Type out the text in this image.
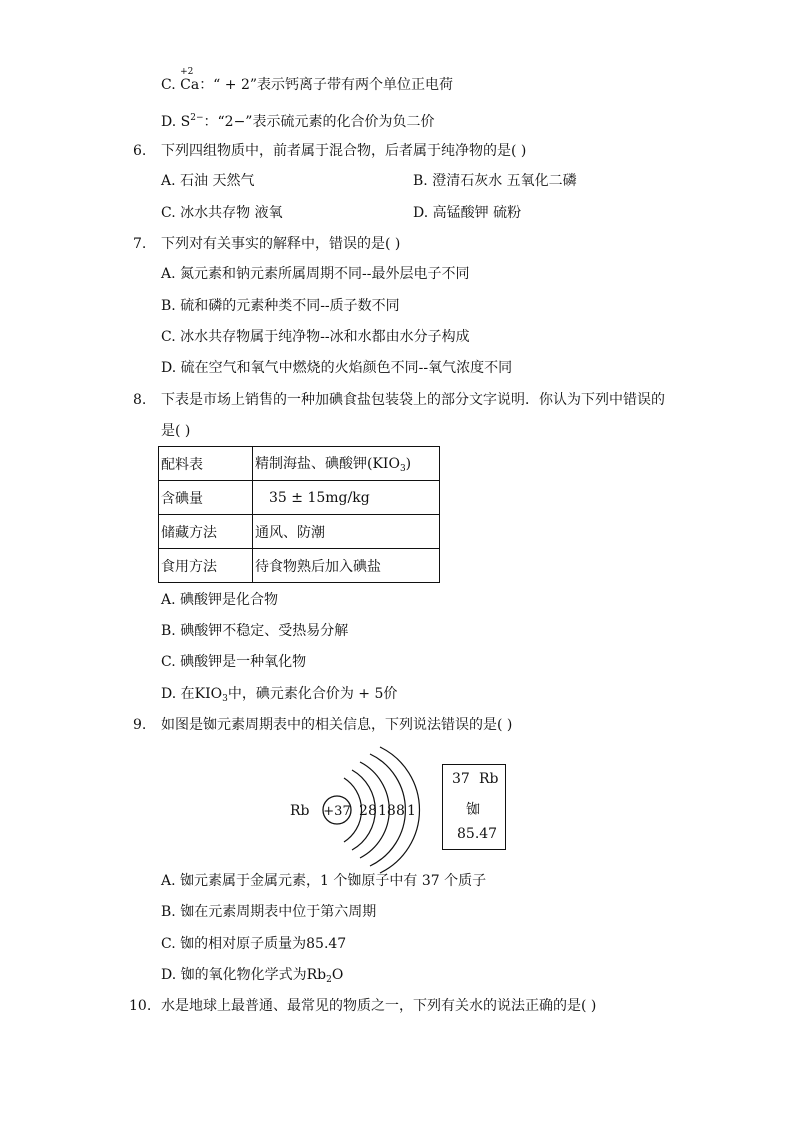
C.
+2
Ca：“ + 2”表示钙离子带有两个单位正电荷
D. $S^{2-}$：“2−”表示硫元素的化合价为负二价
6. 下列四组物质中，前者属于混合物，后者属于纯净物的是( )
A. 石油 天然气	B. 澄清石灰水 五氧化二磷
C. 冰水共存物 液氧	D. 高锰酸钾 硫粉
7. 下列对有关事实的解释中，错误的是( )
A. 氮元素和钠元素所属周期不同--最外层电子不同
B. 硫和磷的元素种类不同--质子数不同
C. 冰水共存物属于纯净物--冰和水都由水分子构成
D. 硫在空气和氧气中燃烧的火焰颜色不同--氧气浓度不同
8. 下表是市场上销售的一种加碘食盐包装袋上的部分文字说明．你认为下列中错误的
是( )
配料表	精制海盐、碘酸钾$(KIO_3)$
含碘量	35 ± 15mg/kg
储藏方法	通风、防潮
食用方法	待食物熟后加入碘盐
A. 碘酸钾是化合物
B. 碘酸钾不稳定、受热易分解
C. 碘酸钾是一种氧化物
D. 在$KIO_3$中，碘元素化合价为 + 5价
9. 如图是铷元素周期表中的相关信息，下列说法错误的是( )
Rb +37 2 8 18 8 1
37 Rb
铷
85.47
A. 铷元素属于金属元素，1 个铷原子中有 37 个质子
B. 铷在元素周期表中位于第六周期
C. 铷的相对原子质量为85.47
D. 铷的氧化物化学式为$Rb_2O$
10. 水是地球上最普通、最常见的物质之一，下列有关水的说法正确的是( )
